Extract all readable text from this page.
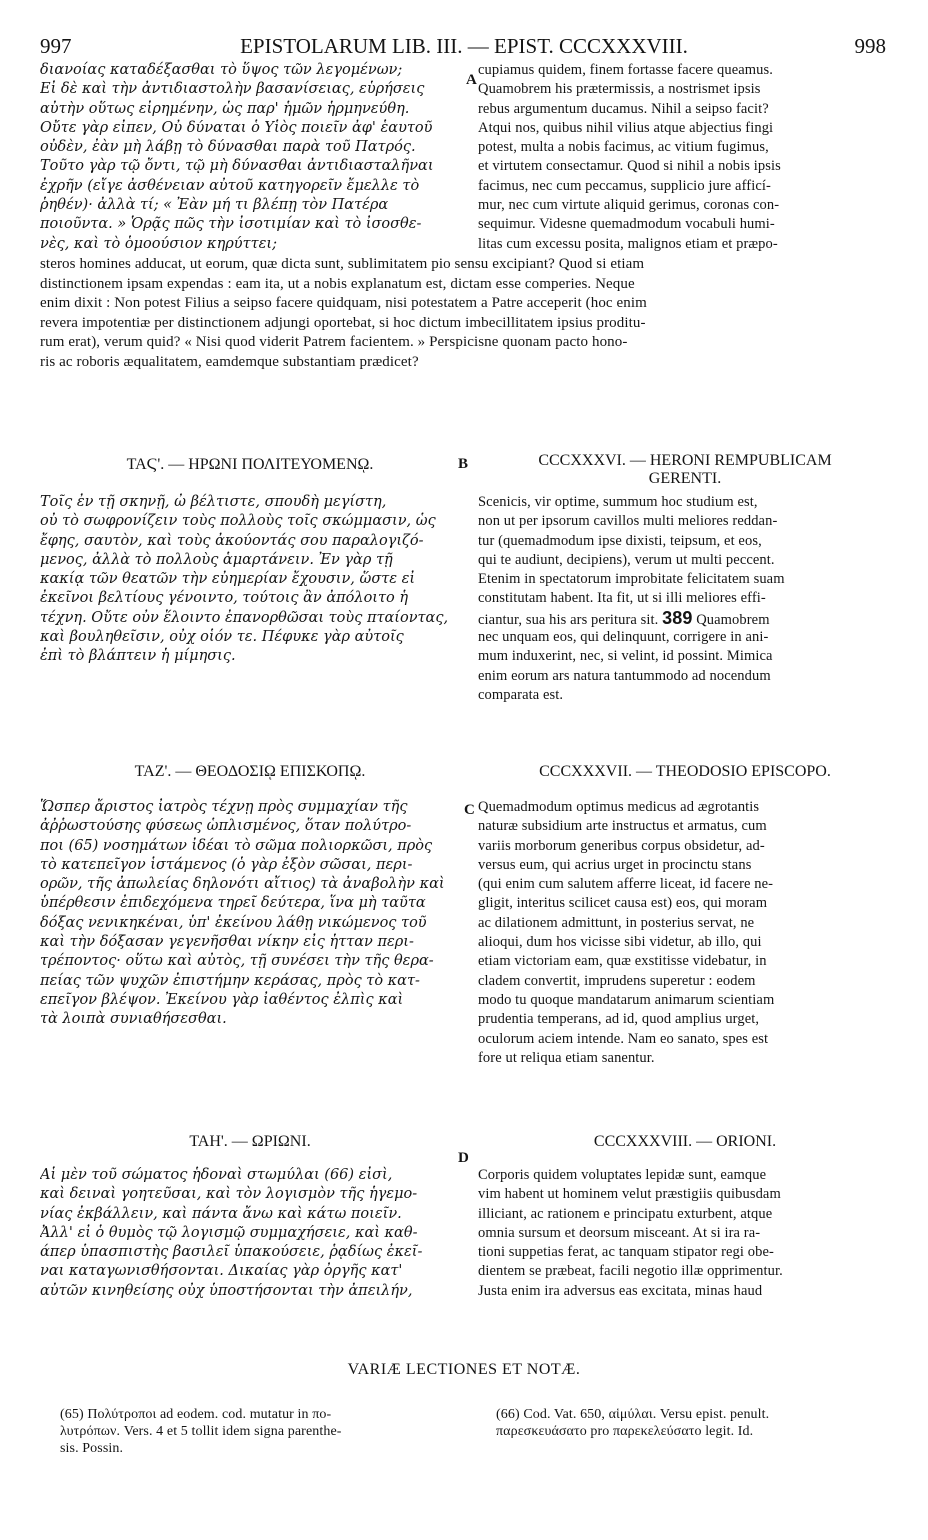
997	EPISTOLARUM LIB. III. — EPIST. CCCXXXVIII.	998
διανοίας καταδέξασθαι τὸ ὕψος τῶν λεγομένων;
Εἰ δὲ καὶ τὴν ἀντιδιαστολὴν βασανίσειας, εὑρήσεις
αὐτὴν οὕτως εἰρημένην, ὡς παρ' ἡμῶν ἡρμηνεύθη.
Οὔτε γὰρ εἶπεν, Οὐ δύναται ὁ Υἱὸς ποιεῖν ἀφ' ἑαυτοῦ
οὐδὲν, ἐὰν μὴ λάβῃ τὸ δύνασθαι παρὰ τοῦ Πατρός.
Τοῦτο γὰρ τῷ ὄντι, τῷ μὴ δύνασθαι ἀντιδιασταλῆναι
ἐχρῆν (εἴγε ἀσθένειαν αὐτοῦ κατηγορεῖν ἔμελλε τὸ
ῥηθέν)· ἀλλὰ τί; « Ἐὰν μή τι βλέπῃ τὸν Πατέρα
ποιοῦντα. » Ὁρᾷς πῶς τὴν ἰσοτιμίαν καὶ τὸ ἰσοσθε-
νὲς, καὶ τὸ ὁμοούσιον κηρύττει;
A
cupiamus quidem, finem fortasse facere queamus.
Quamobrem his prætermissis, a nostrismet ipsis
rebus argumentum ducamus. Nihil a seipso facit?
Atqui nos, quibus nihil vilius atque abjectius fingi
potest, multa a nobis facimus, ac vitium fugimus,
et virtutem consectamur. Quod si nihil a nobis ipsis
facimus, nec cum peccamus, supplicio jure afficí-
mur, nec cum virtute aliquid gerimus, coronas con-
sequimur. Videsne quemadmodum vocabuli humi-
litas cum excessu posita, malignos etiam et præpo-
steros homines adducat, ut eorum, quæ dicta sunt, sublimitatem pio sensu excipiant? Quod si etiam
distinctionem ipsam expendas : eam ita, ut a nobis explanatum est, dictam esse comperies. Neque
enim dixit : Non potest Filius a seipso facere quidquam, nisi potestatem a Patre acceperit (hoc enim
revera impotentiæ per distinctionem adjungi oportebat, si hoc dictum imbecillitatem ipsius proditu-
rum erat), verum quid? « Nisi quod viderit Patrem facientem. » Perspicisne quonam pacto hono-
ris ac roboris æqualitatem, eamdemque substantiam prædicet?
ΤΑϚ'. — ΗΡΩΝΙ ΠΟΛΙΤΕΥΟΜΕΝῼ.	B	CCCXXXVI. — HERONI REMPUBLICAM
GERENTI.
Τοῖς ἐν τῇ σκηνῇ, ὦ βέλτιστε, σπουδὴ μεγίστη,
οὐ τὸ σωφρονίζειν τοὺς πολλοὺς τοῖς σκώμμασιν, ὡς
ἔφης, σαυτὸν, καὶ τοὺς ἀκούοντάς σου παραλογιζό-
μενος, ἀλλὰ τὸ πολλοὺς ἁμαρτάνειν. Ἐν γὰρ τῇ
κακίᾳ τῶν θεατῶν τὴν εὐημερίαν ἔχουσιν, ὥστε εἰ
ἐκεῖνοι βελτίους γένοιντο, τούτοις ἂν ἀπόλοιτο ἡ
τέχνη. Οὔτε οὖν ἕλοιντο ἐπανορθῶσαι τοὺς πταίοντας,
καὶ βουληθεῖσιν, οὐχ οἷόν τε. Πέφυκε γὰρ αὐτοῖς
ἐπὶ τὸ βλάπτειν ἡ μίμησις.
Scenicis, vir optime, summum hoc studium est,
non ut per ipsorum cavillos multi meliores reddan-
tur (quemadmodum ipse dixisti, teipsum, et eos,
qui te audiunt, decipiens), verum ut multi peccent.
Etenim in spectatorum improbitate felicitatem suam
constitutam habent. Ita fit, ut si illi meliores effi-
ciantur, sua his ars peritura sit. 389 Quamobrem
nec unquam eos, qui delinquunt, corrigere in ani-
mum induxerint, nec, si velint, id possint. Mimica
enim eorum ars natura tantummodo ad nocendum
comparata est.
ΤΑΖ'. — ΘΕΟΔΟΣΙῼ ΕΠΙΣΚΟΠῼ.	CCCXXXVII. — THEODOSIO EPISCOPO.
C
Ὥσπερ ἄριστος ἰατρὸς τέχνῃ πρὸς συμμαχίαν τῆς
ἀῤῥωστούσης φύσεως ὡπλισμένος, ὅταν πολύτρο-
ποι (65) νοσημάτων ἰδέαι τὸ σῶμα πολιορκῶσι, πρὸς
τὸ κατεπεῖγον ἱστάμενος (ὁ γὰρ ἐξὸν σῶσαι, περι-
ορῶν, τῆς ἀπωλείας δηλονότι αἴτιος) τὰ ἀναβολὴν καὶ
ὑπέρθεσιν ἐπιδεχόμενα τηρεῖ δεύτερα, ἵνα μὴ ταῦτα
δόξας νενικηκέναι, ὑπ' ἐκείνου λάθῃ νικώμενος τοῦ
καὶ τὴν δόξασαν γεγενῆσθαι νίκην εἰς ἧτταν περι-
τρέποντος· οὕτω καὶ αὐτὸς, τῇ συνέσει τὴν τῆς θερα-
πείας τῶν ψυχῶν ἐπιστήμην κεράσας, πρὸς τὸ κατ-
επεῖγον βλέψον. Ἐκείνου γὰρ ἰαθέντος ἐλπὶς καὶ
τὰ λοιπὰ συνιαθήσεσθαι.
Quemadmodum optimus medicus ad ægrotantis
naturæ subsidium arte instructus et armatus, cum
variis morborum generibus corpus obsidetur, ad-
versus eum, qui acrius urget in procinctu stans
(qui enim cum salutem afferre liceat, id facere ne-
gligit, interitus scilicet causa est) eos, qui moram
ac dilationem admittunt, in posterius servat, ne
alioqui, dum hos vicisse sibi videtur, ab illo, qui
etiam victoriam eam, quæ exstitisse videbatur, in
cladem convertit, imprudens superetur : eodem
modo tu quoque mandatarum animarum scientiam
prudentia temperans, ad id, quod amplius urget,
oculorum aciem intende. Nam eo sanato, spes est
fore ut reliqua etiam sanentur.
ΤΑΗ'. — ΩΡΙΩΝΙ.
D
CCCXXXVIII. — ORIONI.
Αἱ μὲν τοῦ σώματος ἡδοναὶ στωμύλαι (66) εἰσὶ,
καὶ δειναὶ γοητεῦσαι, καὶ τὸν λογισμὸν τῆς ἡγεμο-
νίας ἐκβάλλειν, καὶ πάντα ἄνω καὶ κάτω ποιεῖν.
Ἀλλ' εἰ ὁ θυμὸς τῷ λογισμῷ συμμαχήσειε, καὶ καθ-
άπερ ὑπασπιστὴς βασιλεῖ ὑπακούσειε, ῥᾳδίως ἐκεῖ-
ναι καταγωνισθήσονται. Δικαίας γὰρ ὀργῆς κατ'
αὐτῶν κινηθείσης οὐχ ὑποστήσονται τὴν ἀπειλήν,
Corporis quidem voluptates lepidæ sunt, eamque
vim habent ut hominem velut præstigiis quibusdam
illiciant, ac rationem e principatu exturbent, atque
omnia sursum et deorsum misceant. At si ira ra-
tioni suppetias ferat, ac tanquam stipator regi obe-
dientem se præbeat, facili negotio illæ opprimentur.
Justa enim ira adversus eas excitata, minas haud
VARIÆ LECTIONES ET NOTÆ.
(65) Πολύτροποι ad eodem. cod. mutatur in πο-
λυτρόπων. Vers. 4 et 5 tollit idem signa parenthe-
sis. Possin.
(66) Cod. Vat. 650, αἱμύλαι. Versu epist. penult.
παρεσκευάσατο pro παρεκελεύσατο legit. Id.
